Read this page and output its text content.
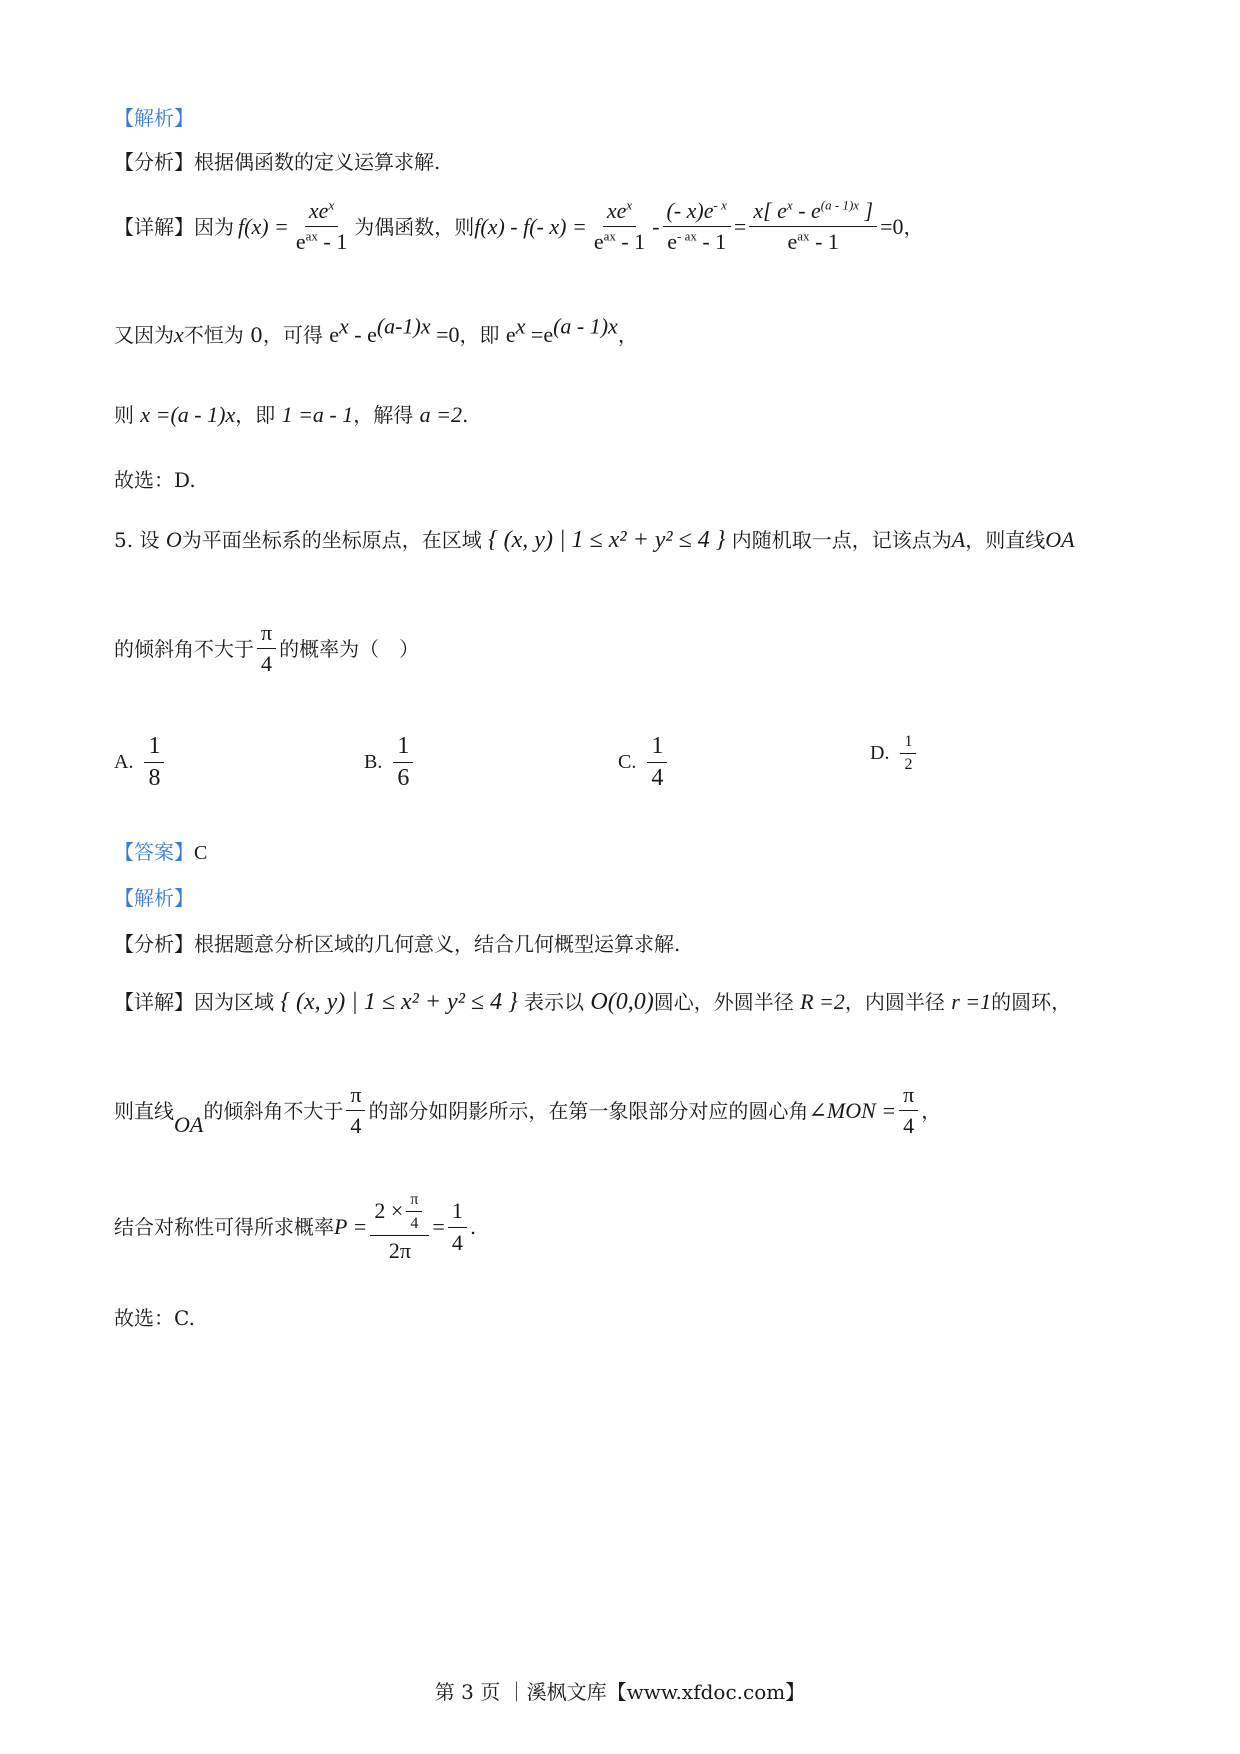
【解析】
【分析】根据偶函数的定义运算求解.
【详解】 因为 $f(x) = \frac{xe^x}{e^{ax} - 1}$ 为偶函数，则 f(x) - f(- $x) = \frac{xe^x}{e^{ax} - 1} - \frac{(- x)e^{- x}}{e^{- ax} - 1} = \frac{x[ e^x - e^{(a - 1)x} ]}{e^{ax} - 1} =0$ ，
又因为x不恒为 0，可得 $e^x - e^{(a-1)x} =0$，即 $e^x =e^{(a - 1)x}$，
则 x =(a - 1)x，即 1 =a - 1，解得 a =2.
故选：D.
5. 设 O为平面坐标系的坐标原点，在区域 { (x, y) | 1 ≤ x² + y² ≤ 4 } 内随机取一点，记该点为A，则直线OA
的倾斜角不大于 $\frac{\pi}{4}$ 的概率为（　）
A. $\frac{1}{8}$	B. $\frac{1}{6}$	C. $\frac{1}{4}$	D. $\frac{1}{2}$
【答案】C
【解析】
【分析】根据题意分析区域的几何意义，结合几何概型运算求解.
【详解】因为区域 { (x, y) | 1 ≤ x² + y² ≤ 4 } 表示以 O(0,0)圆心，外圆半径 R =2，内圆半径 r =1的圆环，
则直线
OA
的倾斜角不大于 $\frac{\pi}{4}$ 的部分如阴影所示，在第一象限部分对应的圆心角 ∠MON = $\frac{\pi}{4}$ ，
结合对称性可得所求概率 $P = \frac{2 \times \frac{\pi}{4}}{2\pi} = \frac{1}{4}$ .
故选：C.
第 3 页 ｜溪枫文库【www.xfdoc.com】
